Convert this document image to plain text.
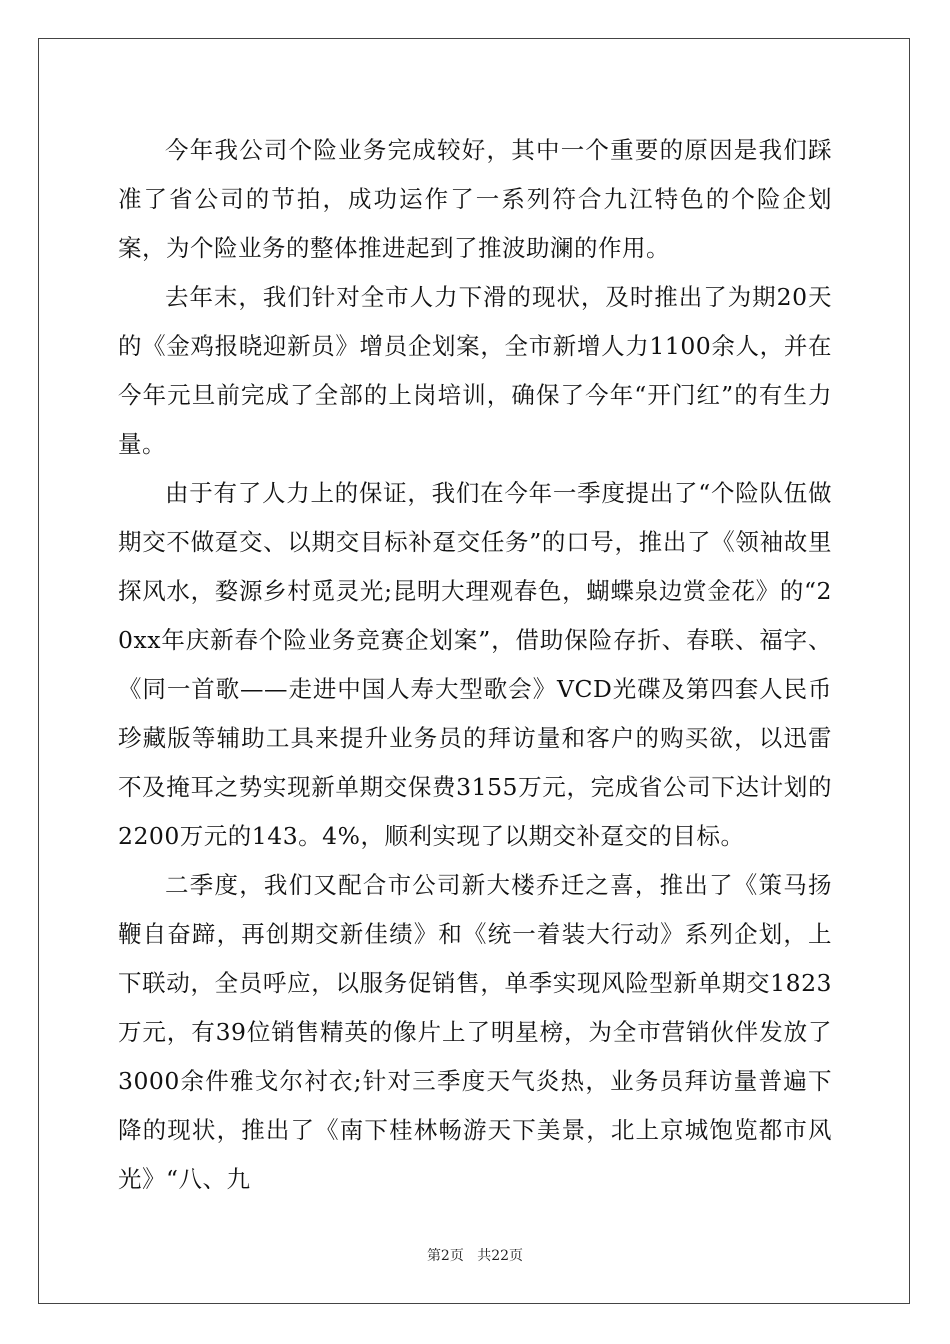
今年我公司个险业务完成较好，其中一个重要的原因是我们踩准了省公司的节拍，成功运作了一系列符合九江特色的个险企划案，为个险业务的整体推进起到了推波助澜的作用。

去年末，我们针对全市人力下滑的现状，及时推出了为期20天的《金鸡报晓迎新员》增员企划案，全市新增人力1100余人，并在今年元旦前完成了全部的上岗培训，确保了今年“开门红”的有生力量。

由于有了人力上的保证，我们在今年一季度提出了“个险队伍做期交不做趸交、以期交目标补趸交任务”的口号，推出了《领袖故里探风水，婺源乡村觅灵光;昆明大理观春色，蝴蝶泉边赏金花》的“20xx年庆新春个险业务竞赛企划案”，借助保险存折、春联、福字、《同一首歌——走进中国人寿大型歌会》VCD光碟及第四套人民币珍藏版等辅助工具来提升业务员的拜访量和客户的购买欲，以迅雷不及掩耳之势实现新单期交保费3155万元，完成省公司下达计划的2200万元的143。4%，顺利实现了以期交补趸交的目标。

二季度，我们又配合市公司新大楼乔迁之喜，推出了《策马扬鞭自奋蹄，再创期交新佳绩》和《统一着装大行动》系列企划，上下联动，全员呼应，以服务促销售，单季实现风险型新单期交1823万元，有39位销售精英的像片上了明星榜，为全市营销伙伴发放了3000余件雅戈尔衬衣;针对三季度天气炎热，业务员拜访量普遍下降的现状，推出了《南下桂林畅游天下美景，北上京城饱览都市风光》“八、九

第2页 共22页
